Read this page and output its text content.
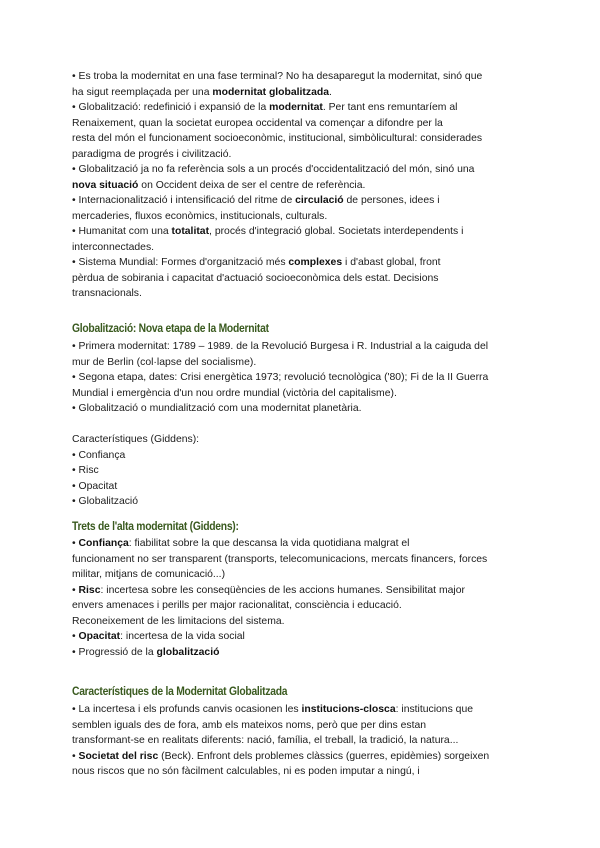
• Es troba la modernitat en una fase terminal? No ha desaparegut la modernitat, sinó que
ha sigut reemplaçada per una modernitat globalitzada.
• Globalització: redefinició i expansió de la modernitat. Per tant ens remuntaríem al
Renaixement, quan la societat europea occidental va començar a difondre per la
resta del món el funcionament socioeconòmic, institucional, simbòlicultural: considerades
paradigma de progrés i civilització.
• Globalització ja no fa referència sols a un procés d'occidentalització del món, sinó una
nova situació on Occident deixa de ser el centre de referència.
• Internacionalització i intensificació del ritme de circulació de persones, idees i
mercaderies, fluxos econòmics, institucionals, culturals.
• Humanitat com una totalitat, procés d'integració global. Societats interdependents i
interconnectades.
• Sistema Mundial: Formes d'organització més complexes i d'abast global, front
pèrdua de sobirania i capacitat d'actuació socioeconòmica dels estat. Decisions
transnacionals.
Globalització: Nova etapa de la Modernitat
• Primera modernitat: 1789 – 1989. de la Revolució Burgesa i R. Industrial a la caiguda del
mur de Berlin (col·lapse del socialisme).
• Segona etapa, dates: Crisi energètica 1973; revolució tecnològica ('80); Fi de la II Guerra
Mundial i emergència d'un nou ordre mundial (victòria del capitalisme).
• Globalització o mundialització com una modernitat planetària.
Característiques (Giddens):
• Confiança
• Risc
• Opacitat
• Globalització
Trets de l'alta modernitat (Giddens):
• Confiança: fiabilitat sobre la que descansa la vida quotidiana malgrat el
funcionament no ser transparent (transports, telecomunicacions, mercats financers, forces
militar, mitjans de comunicació...)
• Risc: incertesa sobre les conseqüències de les accions humanes. Sensibilitat major
envers amenaces i perills per major racionalitat, consciència i educació.
Reconeixement de les limitacions del sistema.
• Opacitat: incertesa de la vida social
• Progressió de la globalització
Característiques de la Modernitat Globalitzada
• La incertesa i els profunds canvis ocasionen les institucions-closca: institucions que
semblen iguals des de fora, amb els mateixos noms, però que per dins estan
transformant-se en realitats diferents: nació, família, el treball, la tradició, la natura...
• Societat del risc (Beck). Enfront dels problemes clàssics (guerres, epidèmies) sorgeixen
nous riscos que no són fàcilment calculables, ni es poden imputar a ningú, i
